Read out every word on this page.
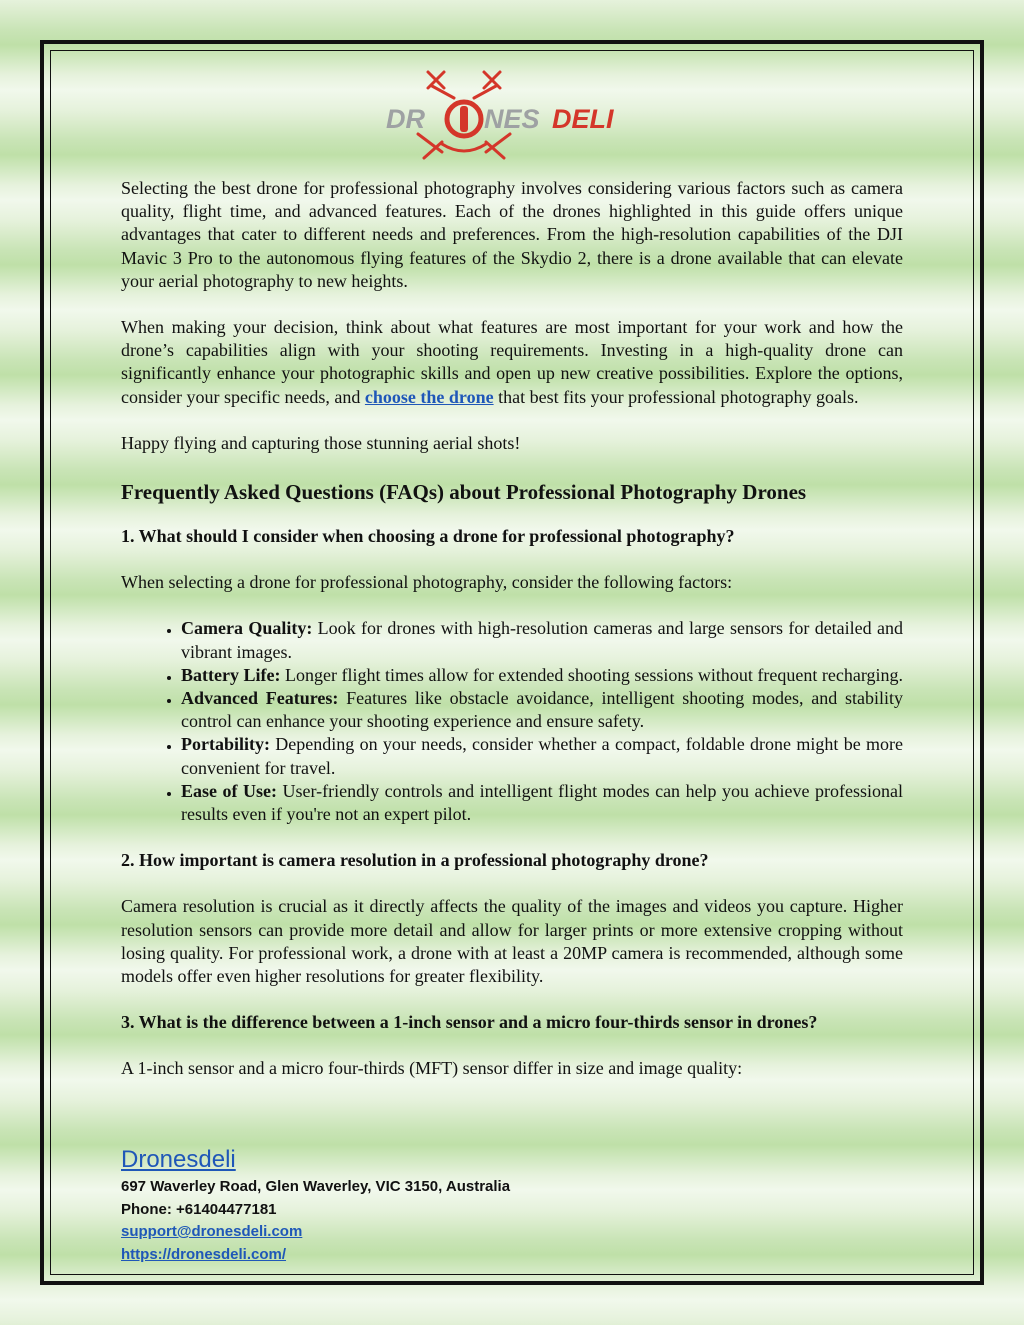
DR NES DELI

Selecting the best drone for professional photography involves considering various factors such as camera quality, flight time, and advanced features. Each of the drones highlighted in this guide offers unique advantages that cater to different needs and preferences. From the high-resolution capabilities of the DJI Mavic 3 Pro to the autonomous flying features of the Skydio 2, there is a drone available that can elevate your aerial photography to new heights.

When making your decision, think about what features are most important for your work and how the drone’s capabilities align with your shooting requirements. Investing in a high-quality drone can significantly enhance your photographic skills and open up new creative possibilities. Explore the options, consider your specific needs, and choose the drone that best fits your professional photography goals.

Happy flying and capturing those stunning aerial shots!

Frequently Asked Questions (FAQs) about Professional Photography Drones
1. What should I consider when choosing a drone for professional photography?

When selecting a drone for professional photography, consider the following factors:

• Camera Quality: Look for drones with high-resolution cameras and large sensors for detailed and vibrant images.
• Battery Life: Longer flight times allow for extended shooting sessions without frequent recharging.
• Advanced Features: Features like obstacle avoidance, intelligent shooting modes, and stability control can enhance your shooting experience and ensure safety.
• Portability: Depending on your needs, consider whether a compact, foldable drone might be more convenient for travel.
• Ease of Use: User-friendly controls and intelligent flight modes can help you achieve professional results even if you're not an expert pilot.
2. How important is camera resolution in a professional photography drone?

Camera resolution is crucial as it directly affects the quality of the images and videos you capture. Higher resolution sensors can provide more detail and allow for larger prints or more extensive cropping without losing quality. For professional work, a drone with at least a 20MP camera is recommended, although some models offer even higher resolutions for greater flexibility.

3. What is the difference between a 1-inch sensor and a micro four-thirds sensor in drones?

A 1-inch sensor and a micro four-thirds (MFT) sensor differ in size and image quality:

Dronesdeli
697 Waverley Road, Glen Waverley, VIC 3150, Australia
Phone: +61404477181
support@dronesdeli.com
https://dronesdeli.com/
